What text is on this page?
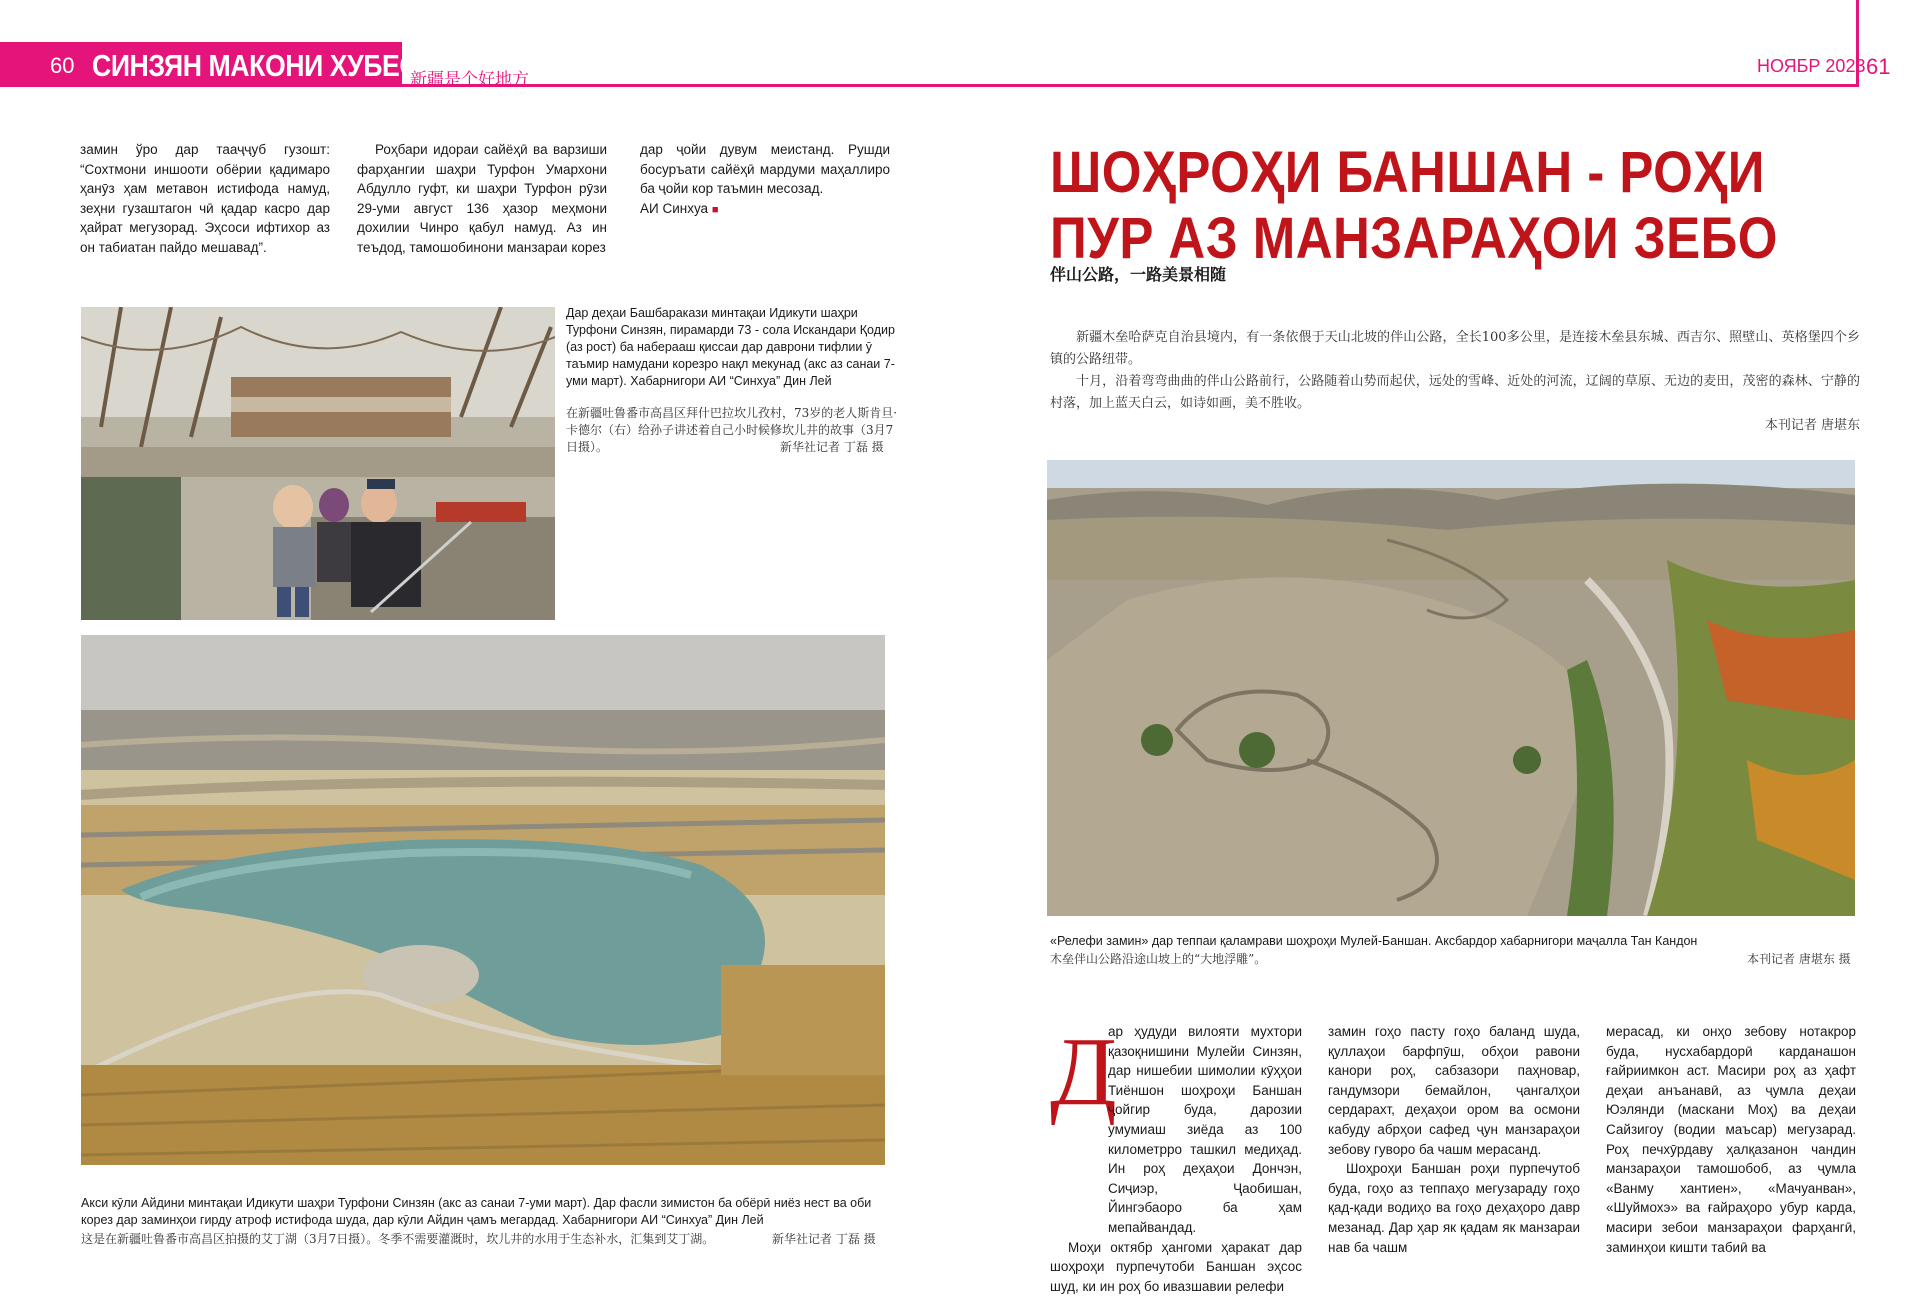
60 СИНЗЯН МАКОНИ ХУБЕСТ
新疆是个好地方
НОЯБР 2023 61

замин ўро дар тааҷҷуб гузошт: “Сохтмони иншооти обёрии қадимаро ҳанӯз ҳам метавон истифода намуд, зеҳни гузаштагон чӣ қадар касро дар ҳайрат мегузорад. Эҳсоси ифтихор аз он табиатан пайдо мешавад”.

Роҳбари идораи сайёҳӣ ва варзиши фарҳангии шаҳри Турфон Умархони Абдулло гуфт, ки шаҳри Турфон рӯзи 29-уми август 136 ҳазор меҳмони дохилии Чинро қабул намуд. Аз ин теъдод, тамошобинони манзараи корез

дар ҷойи дувум меистанд. Рушди босуръати сайёҳӣ мардуми маҳаллиро ба ҷойи кор таъмин месозад.

АИ Синхуа ■

Дар деҳаи Башбаракази минтақаи Идикути шаҳри Турфони Синзян, пирамарди 73 - сола Искандари Қодир (аз рост) ба наберааш қиссаи дар даврони тифлии ӯ таъмир намудани корезро нақл мекунад (акс аз санаи 7-уми март). Хабарнигори АИ “Синхуа” Дин Лей
在新疆吐鲁番市高昌区拜什巴拉坎儿孜村，73岁的老人斯肯旦·卡德尔（右）给孙子讲述着自己小时候修坎儿井的故事（3月7日摄）。	新华社记者 丁磊 摄
Акси кӯли Айдини минтақаи Идикути шаҳри Турфони Синзян (акс аз санаи 7-уми март). Дар фасли зимистон ба обёрӣ ниёз нест ва оби корез дар заминҳои гирду атроф истифода шуда, дар кӯли Айдин ҷамъ мегардад. Хабарнигори АИ “Синхуа” Дин Лей
这是在新疆吐鲁番市高昌区拍摄的艾丁湖（3月7日摄）。冬季不需要灌溉时，坎儿井的水用于生态补水，汇集到艾丁湖。	新华社记者 丁磊 摄
ШОҲРОҲИ БАНШАН - РОҲИ
ПУР АЗ МАНЗАРАҲОИ ЗЕБО
伴山公路，一路美景相随

新疆木垒哈萨克自治县境内，有一条依偎于天山北坡的伴山公路，全长100多公里，是连接木垒县东城、西吉尔、照壁山、英格堡四个乡镇的公路纽带。

十月，沿着弯弯曲曲的伴山公路前行，公路随着山势而起伏，远处的雪峰、近处的河流，辽阔的草原、无边的麦田，茂密的森林、宁静的村落，加上蓝天白云，如诗如画，美不胜收。

本刊记者 唐堪东

«Релефи замин» дар теппаи қаламрави шоҳроҳи Мулей-Баншан. Аксбардор хабарнигори маҷалла Тан Кандон
木垒伴山公路沿途山坡上的“大地浮雕”。	本刊记者 唐堪东 摄
Д

ар ҳудуди вилояти мухтори қазоқнишини Мулейи Синзян, дар нишебии шимолии кӯҳҳои Тиёншон шоҳроҳи Баншан ҷойгир буда, дарозии умумиаш зиёда аз 100 километрро ташкил медиҳад. Ин роҳ деҳаҳои Дончэн, Сиҷиэр, Ҷаобишан, Йингэбаоро ба ҳам мепайвандад.

Моҳи октябр ҳангоми ҳаракат дар шоҳроҳи пурпечутоби Баншан эҳсос шуд, ки ин роҳ бо ивазшавии релефи

замин гоҳо пасту гоҳо баланд шуда, қуллаҳои барфпӯш, обҳои равони канори роҳ, сабзазори паҳновар, гандумзори бемайлон, ҷангалҳои сердарахт, деҳаҳои ором ва осмони кабуду абрҳои сафед ҷун манзараҳои зебову гуворо ба чашм мерасанд.

Шоҳроҳи Баншан роҳи пурпечутоб буда, гоҳо аз теппаҳо мегузараду гоҳо қад-қади водиҳо ва гоҳо деҳаҳоро давр мезанад. Дар ҳар як қадам як манзараи нав ба чашм

мерасад, ки онҳо зебову нотакрор буда, нусхабардорӣ карданашон ғайриимкон аст. Масири роҳ аз ҳафт деҳаи анъанавӣ, аз ҷумла деҳаи Юэлянди (маскани Моҳ) ва деҳаи Сайзигоу (водии маъсар) мегузарад. Роҳ печхӯрдаву ҳалқазанон чандин манзараҳои тамошобоб, аз ҷумла «Ванму хантиен», «Мачуанван», «Шуймохэ» ва ғайраҳоро убур карда, масири зебои манзараҳои фарҳангӣ, заминҳои кишти табиӣ ва
